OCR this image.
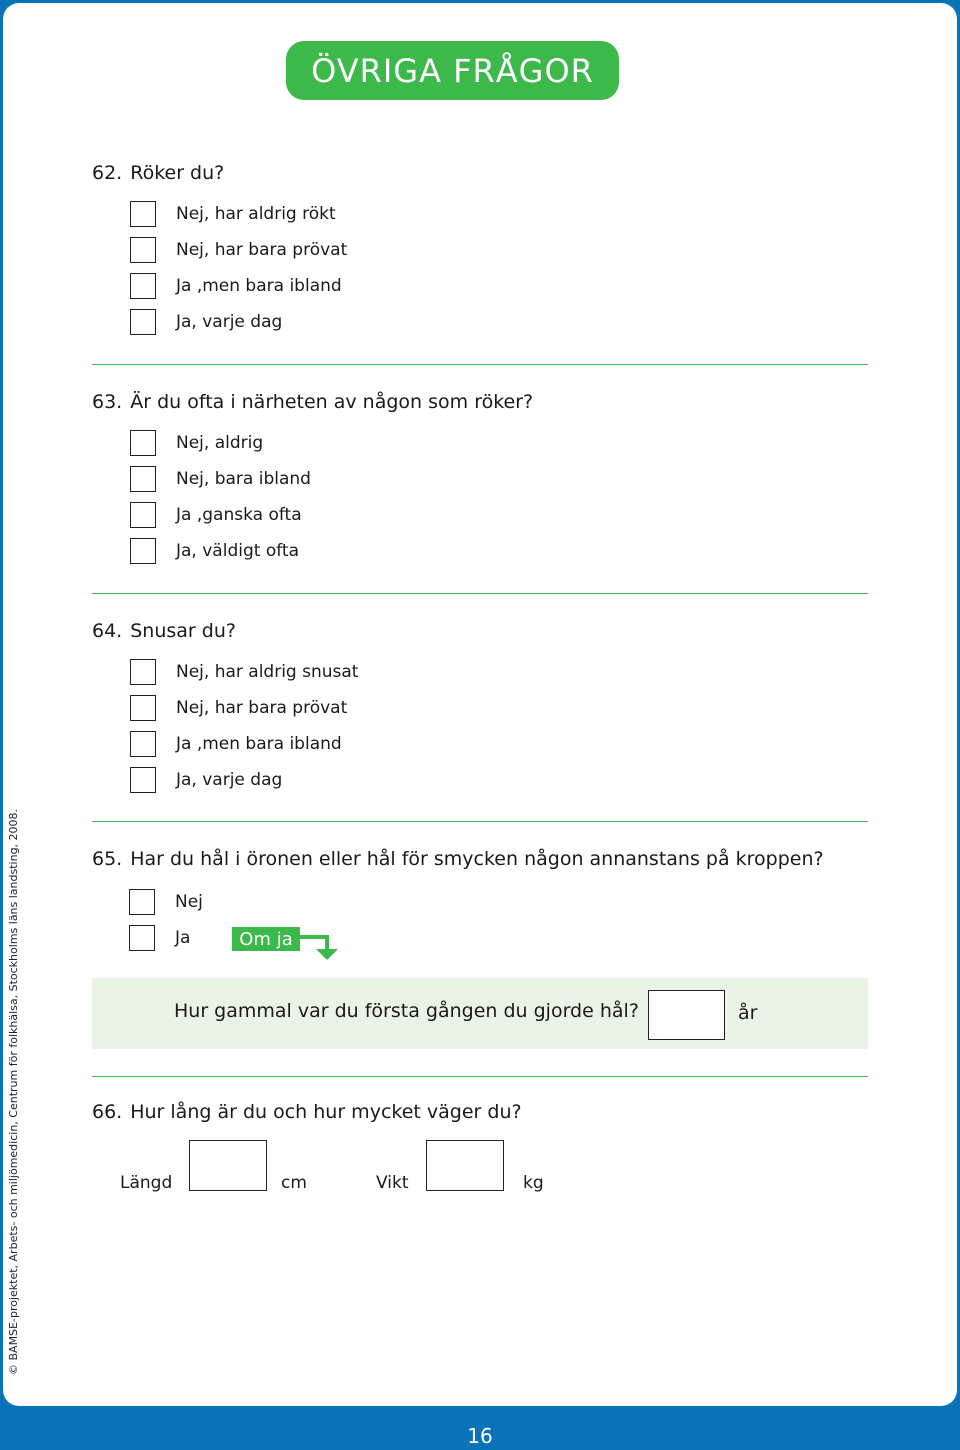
ÖVRIGA FRÅGOR
62. Röker du?
Nej, har aldrig rökt
Nej, har bara prövat
Ja ,men bara ibland
Ja, varje dag
63. Är du ofta i närheten av någon som röker?
Nej, aldrig
Nej, bara ibland
Ja ,ganska ofta
Ja, väldigt ofta
64. Snusar du?
Nej, har aldrig snusat
Nej, har bara prövat
Ja ,men bara ibland
Ja, varje dag
65. Har du hål i öronen eller hål för smycken någon annanstans på kroppen?
Nej
Ja	Om ja
Hur gammal var du första gången du gjorde hål?	år
66. Hur lång är du och hur mycket väger du?
Längd	cm	Vikt	kg
© BAMSE-projektet, Arbets- och miljömedicin, Centrum för folkhälsa, Stockholms läns landsting, 2008.
16
